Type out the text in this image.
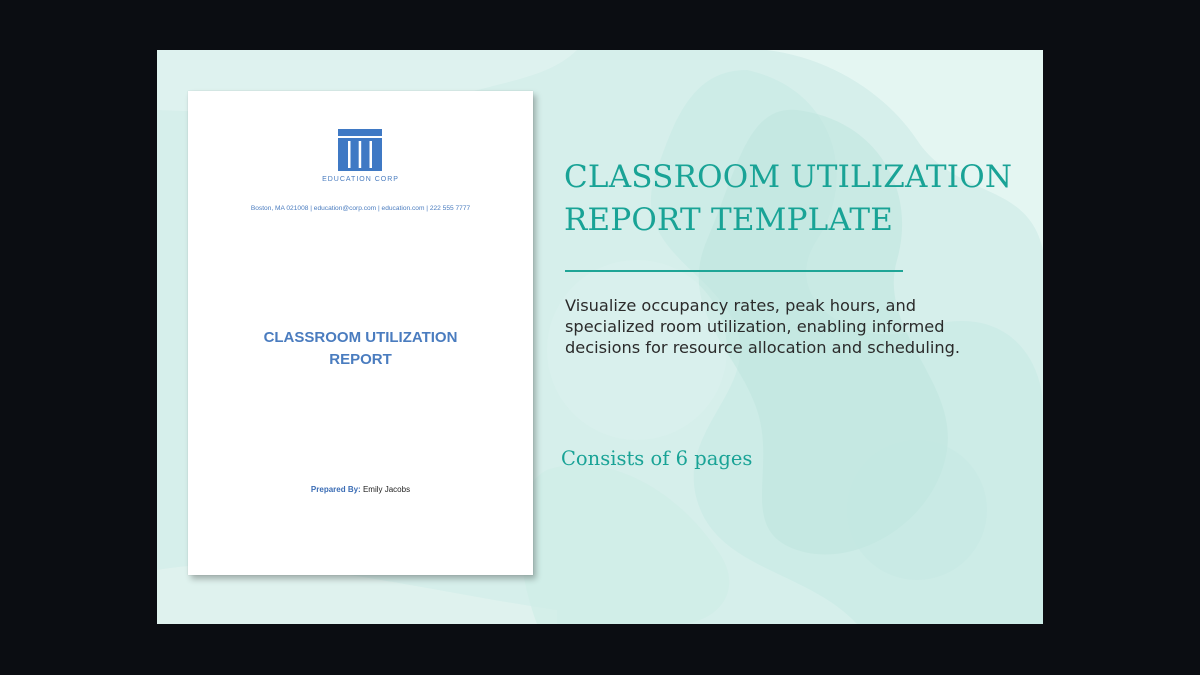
EDUCATION CORP
Boston, MA 021008 | education@corp.com | education.com | 222 555 7777
CLASSROOM UTILIZATION
REPORT
Prepared By: Emily Jacobs
CLASSROOM UTILIZATION
REPORT TEMPLATE
Visualize occupancy rates, peak hours, and specialized room utilization, enabling informed decisions for resource allocation and scheduling.
Consists of 6 pages
